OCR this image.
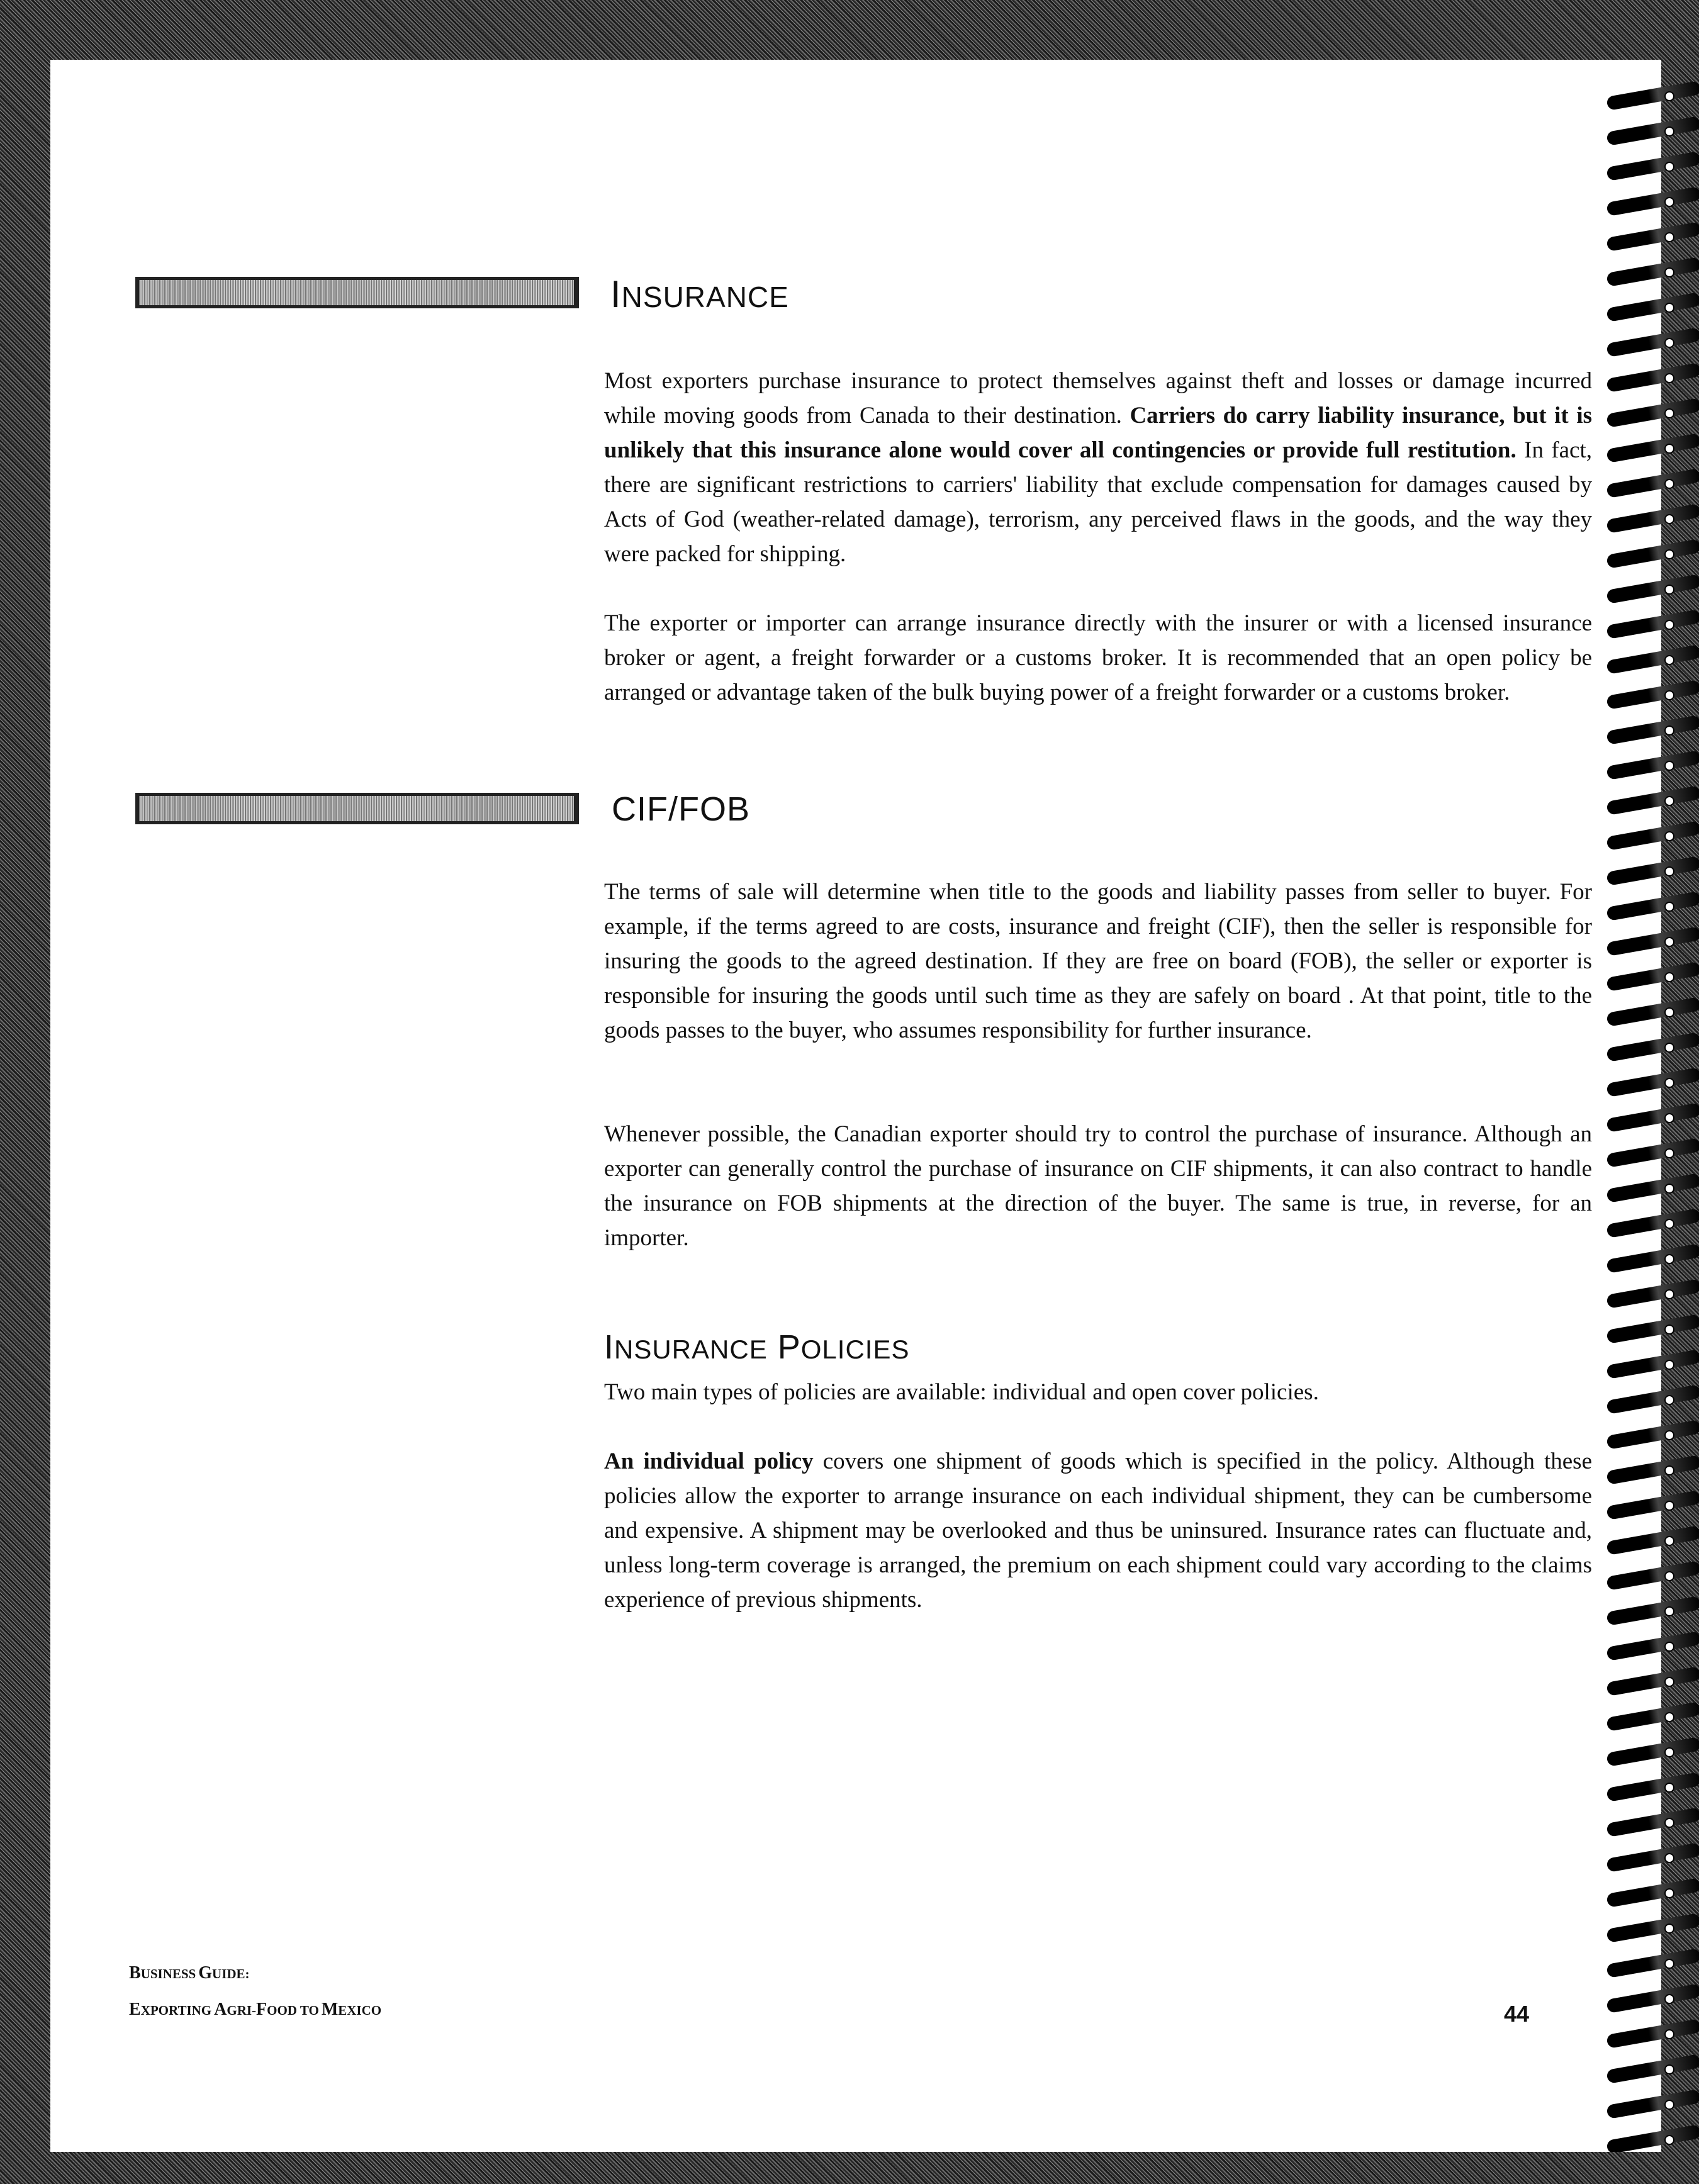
INSURANCE

Most exporters purchase insurance to protect themselves against theft and losses or damage incurred while moving goods from Canada to their destination. Carriers do carry liability insurance, but it is unlikely that this insurance alone would cover all contingencies or provide full restitution. In fact, there are significant restrictions to carriers' liability that exclude compensation for damages caused by Acts of God (weather-related damage), terrorism, any perceived flaws in the goods, and the way they were packed for shipping.

The exporter or importer can arrange insurance directly with the insurer or with a licensed insurance broker or agent, a freight forwarder or a customs broker. It is recommended that an open policy be arranged or advantage taken of the bulk buying power of a freight forwarder or a customs broker.

CIF/FOB

The terms of sale will determine when title to the goods and liability passes from seller to buyer. For example, if the terms agreed to are costs, insurance and freight (CIF), then the seller is responsible for insuring the goods to the agreed destination. If they are free on board (FOB), the seller or exporter is responsible for insuring the goods until such time as they are safely on board . At that point, title to the goods passes to the buyer, who assumes responsibility for further insurance.

Whenever possible, the Canadian exporter should try to control the purchase of insurance. Although an exporter can generally control the purchase of insurance on CIF shipments, it can also contract to handle the insurance on FOB shipments at the direction of the buyer. The same is true, in reverse, for an importer.

INSURANCE POLICIES

Two main types of policies are available: individual and open cover policies.

An individual policy covers one shipment of goods which is specified in the policy. Although these policies allow the exporter to arrange insurance on each individual shipment, they can be cumbersome and expensive. A shipment may be overlooked and thus be uninsured. Insurance rates can fluctuate and, unless long-term coverage is arranged, the premium on each shipment could vary according to the claims experience of previous shipments.

BUSINESS GUIDE:

EXPORTING AGRI-FOOD TO MEXICO	44
